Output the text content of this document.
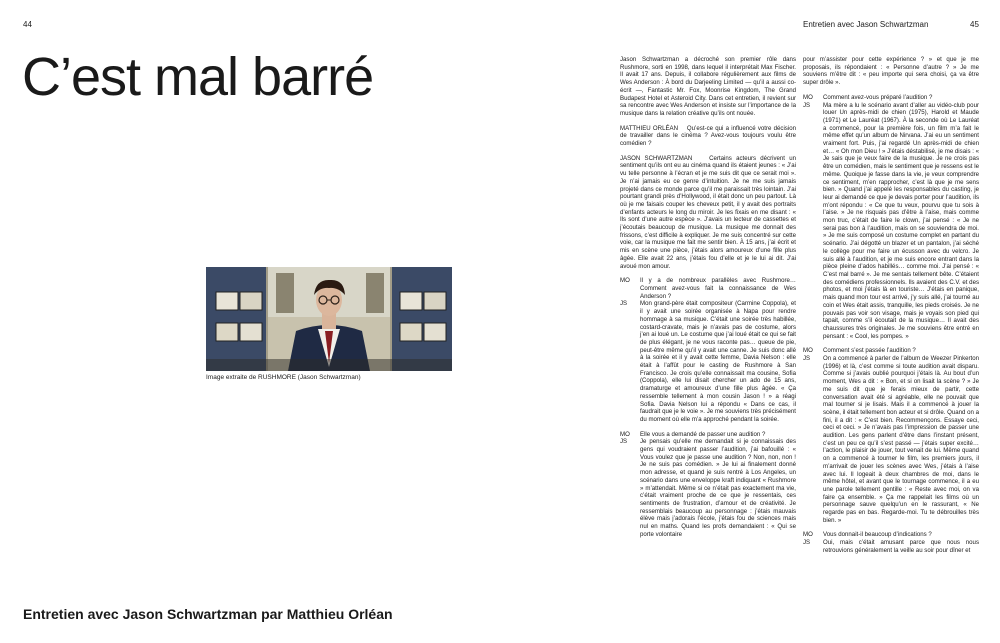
44	Entretien avec Jason Schwartzman	45
C’est mal barré
Image extraite de RUSHMORE (Jason Schwartzman)
Entretien avec Jason Schwartzman par Matthieu Orléan

Jason Schwartzman a décroché son premier rôle dans Rushmore, sorti en 1998, dans lequel il interprétait Max Fischer. Il avait 17 ans. Depuis, il collabore régulièrement aux films de Wes Anderson : À bord du Darjeeling Limited — qu’il a aussi co-écrit —, Fantastic Mr. Fox, Moonrise Kingdom, The Grand Budapest Hotel et Asteroid City. Dans cet entretien, il revient sur sa rencontre avec Wes Anderson et insiste sur l’importance de la musique dans la relation créative qu’ils ont nouée.

MATTHIEU ORLÉAN Qu’est-ce qui a influencé votre décision de travailler dans le cinéma ? Avez-vous toujours voulu être comédien ?

JASON SCHWARTZMAN	Certains acteurs décrivent un sentiment qu’ils ont eu au cinéma quand ils étaient jeunes : « J’ai vu telle personne à l’écran et je me suis dit que ce serait moi ». Je n’ai jamais eu ce genre d’intuition. Je ne me suis jamais projeté dans ce monde parce qu’il me paraissait très lointain. J’ai pourtant grandi près d’Hollywood, il était donc un peu partout. Là où je me faisais couper les cheveux petit, il y avait des portraits d’enfants acteurs le long du miroir. Je les fixais en me disant : « Ils sont d’une autre espèce ». J’avais un lecteur de cassettes et j’écoutais beaucoup de musique. La musique me donnait des frissons, c’est difficile à expliquer. Je me suis concentré sur cette voie, car la musique me fait me sentir bien. À 15 ans, j’ai écrit et mis en scène une pièce, j’étais alors amoureux d’une fille plus âgée. Elle avait 22 ans, j’étais fou d’elle et je le lui ai dit. J’ai avoué mon amour.

MO	Il y a de nombreux parallèles avec Rushmore… Comment avez-vous fait la connaissance de Wes Anderson ?
JS	Mon grand-père était compositeur (Carmine Coppola), et il y avait une soirée organisée à Napa pour rendre hommage à sa musique. C’était une soirée très habillée, costard-cravate, mais je n’avais pas de costume, alors j’en ai loué un. Le costume que j’ai loué était ce qui se fait de plus élégant, je ne vous raconte pas… queue de pie, peut-être même qu’il y avait une canne. Je suis donc allé à la soirée et il y avait cette femme, Davia Nelson : elle était à l’affût pour le casting de Rushmore à San Francisco. Je crois qu’elle connaissait ma cousine, Sofia (Coppola), elle lui disait chercher un ado de 15 ans, dramaturge et amoureux d’une fille plus âgée. « Ça ressemble tellement à mon cousin Jason ! » a réagi Sofia. Davia Nelson lui a répondu « Dans ce cas, il faudrait que je le voie ». Je me souviens très précisément du moment où elle m’a approché pendant la soirée.
MO	Elle vous a demandé de passer une audition ?
JS	Je pensais qu’elle me demandait si je connaissais des gens qui voudraient passer l’audition, j’ai bafouillé : « Vous voulez que je passe une audition ? Non, non, non ! Je ne suis pas comédien. » Je lui ai finalement donné mon adresse, et quand je suis rentré à Los Angeles, un scénario dans une enveloppe kraft indiquant « Rushmore » m’attendait. Même si ce n’était pas exactement ma vie, c’était vraiment proche de ce que je ressentais, ces sentiments de frustration, d’amour et de créativité. Je ressemblais beaucoup au personnage : j’étais mauvais élève mais j’adorais l’école, j’étais fou de sciences mais nul en maths. Quand les profs demandaient : « Qui se porte volontaire

pour m’assister pour cette expérience ? » et que je me proposais, ils répondaient : « Personne d’autre ? » Je me souviens m’être dit : « peu importe qui sera choisi, ça va être super drôle ».

MO	Comment avez-vous préparé l’audition ?
JS	Ma mère a lu le scénario avant d’aller au vidéo-club pour louer Un après-midi de chien (1975), Harold et Maude (1971) et Le Lauréat (1967). À la seconde où Le Lauréat a commencé, pour la première fois, un film m’a fait le même effet qu’un album de Nirvana. J’ai eu un sentiment vraiment fort. Puis, j’ai regardé Un après-midi de chien et… « Oh mon Dieu ! » J’étais déstabilisé, je me disais : « Je sais que je veux faire de la musique. Je ne crois pas être un comédien, mais le sentiment que je ressens est le même. Quoique je fasse dans la vie, je veux comprendre ce sentiment, m’en rapprocher, c’est là que je me sens bien. » Quand j’ai appelé les responsables du casting, je leur ai demandé ce que je devais porter pour l’audition, ils m’ont répondu : « Ce que tu veux, pourvu que tu sois à l’aise. » Je ne risquais pas d’être à l’aise, mais comme mon truc, c’était de faire le clown, j’ai pensé : « Je ne serai pas bon à l’audition, mais on se souviendra de moi. » Je me suis composé un costume complet en partant du scénario. J’ai dégotté un blazer et un pantalon, j’ai séché le collège pour me faire un écusson avec du velcro. Je suis allé à l’audition, et je me suis encore entrant dans la pièce pleine d’ados habillés… comme moi. J’ai pensé : « C’est mal barré ». Je me sentais tellement bête. C’étaient des comédiens professionnels. Ils avaient des C.V. et des photos, et moi j’étais là en touriste… J’étais en panique, mais quand mon tour est arrivé, j’y suis allé, j’ai tourné au coin et Wes était assis, tranquille, les pieds croisés. Je ne pouvais pas voir son visage, mais je voyais son pied qui tapait, comme s’il écoutait de la musique… Il avait des chaussures très originales. Je me souviens être entré en pensant : « Cool, les pompes. »
MO	Comment s’est passée l’audition ?
JS	On a commencé à parler de l’album de Weezer Pinkerton (1996) et là, c’est comme si toute audition avait disparu. Comme si j’avais oublié pourquoi j’étais là. Au bout d’un moment, Wes a dit : « Bon, et si on lisait la scène ? » Je me suis dit que je ferais mieux de partir, cette conversation avait été si agréable, elle ne pouvait que mal tourner si je lisais. Mais il a commencé à jouer la scène, il était tellement bon acteur et si drôle. Quand on a fini, il a dit : « C’est bien. Recommençons. Essaye ceci, ceci et ceci. » Je n’avais pas l’impression de passer une audition. Les gens parlent d’être dans l’instant présent, c’est un peu ce qu’il s’est passé — j’étais super excité… l’action, le plaisir de jouer, tout venait de lui. Même quand on a commencé à tourner le film, les premiers jours, il m’arrivait de jouer les scènes avec Wes, j’étais à l’aise avec lui. Il logeait à deux chambres de moi, dans le même hôtel, et avant que le tournage commence, il a eu une parole tellement gentille : « Reste avec moi, on va faire ça ensemble. » Ça me rappelait les films où un personnage sauve quelqu’un en le rassurant, « Ne regarde pas en bas. Regarde-moi. Tu te débrouilles très bien. »
MO	Vous donnait-il beaucoup d’indications ?
JS	Oui, mais c’était amusant parce que nous nous retrouvions généralement la veille au soir pour dîner et
